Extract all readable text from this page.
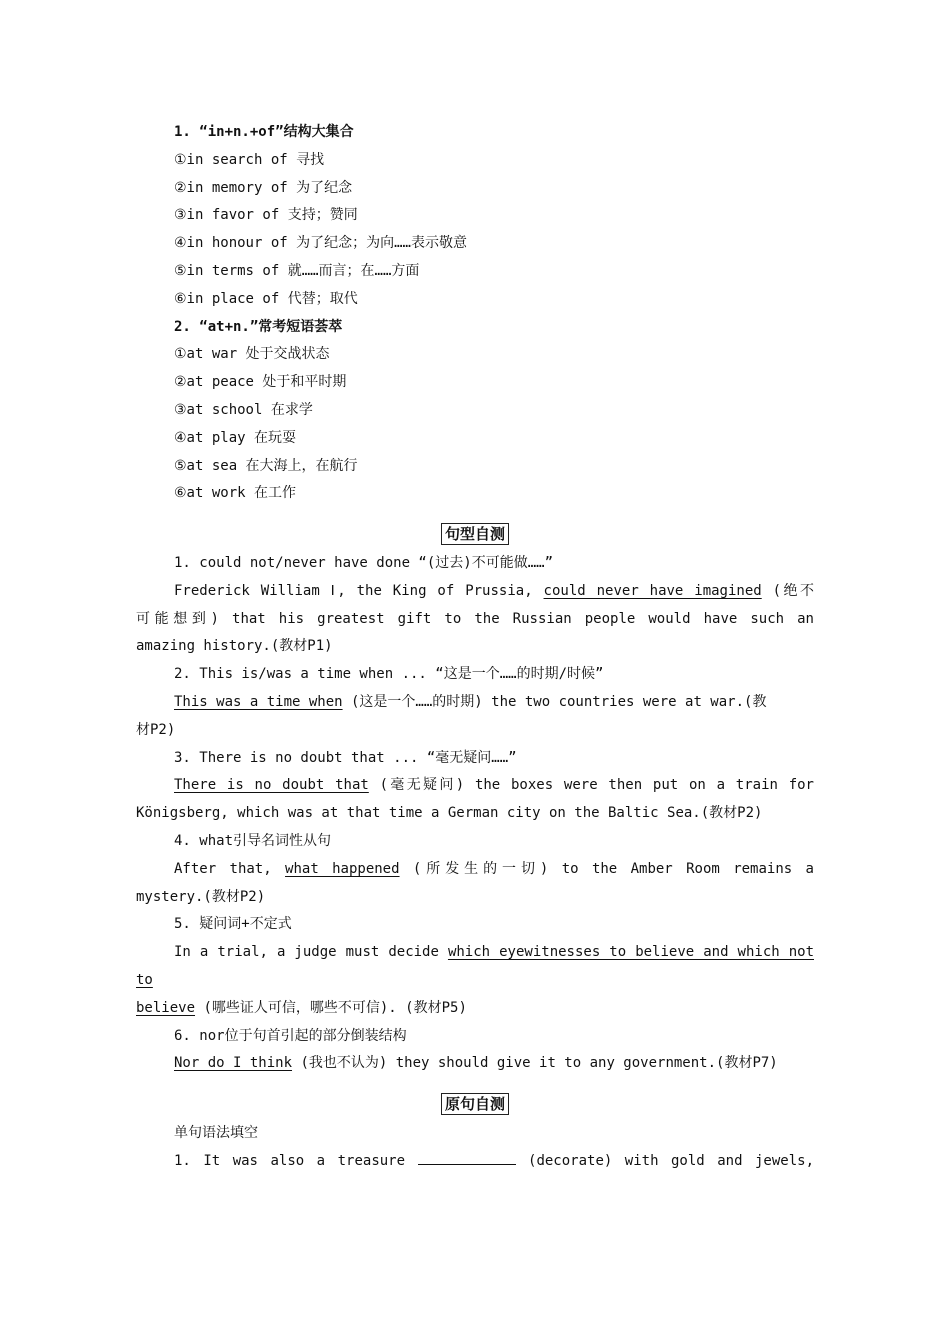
1. “in+n.+of”结构大集合
①in search of 寻找
②in memory of 为了纪念
③in favor of 支持；赞同
④in honour of 为了纪念；为向……表示敬意
⑤in terms of 就……而言；在……方面
⑥in place of 代替；取代
2. “at+n.”常考短语荟萃
①at war 处于交战状态
②at peace 处于和平时期
③at school 在求学
④at play 在玩耍
⑤at sea 在大海上，在航行
⑥at work 在工作
句型自测
1. could not/never have done “(过去)不可能做……”
Frederick William Ⅰ, the King of Prussia, could never have imagined (绝不
可能想到) that his greatest gift to the Russian people would have such an
amazing history.(教材P1)
2. This is/was a time when ... “这是一个……的时期/时候”
This was a time when (这是一个……的时期) the two countries were at war.(教
材P2)
3. There is no doubt that ... “毫无疑问……”
There is no doubt that (毫无疑问) the boxes were then put on a train for
Königsberg, which was at that time a German city on the Baltic Sea.(教材P2)
4. what引导名词性从句
After that, what happened (所发生的一切) to the Amber Room remains a
mystery.(教材P2)
5. 疑问词+不定式
In a trial, a judge must decide which eyewitnesses to believe and which not
to
believe (哪些证人可信，哪些不可信). (教材P5)
6. nor位于句首引起的部分倒装结构
Nor do I think (我也不认为) they should give it to any government.(教材P7)
原句自测
单句语法填空
1. It was also a treasure	(decorate) with gold and jewels,
